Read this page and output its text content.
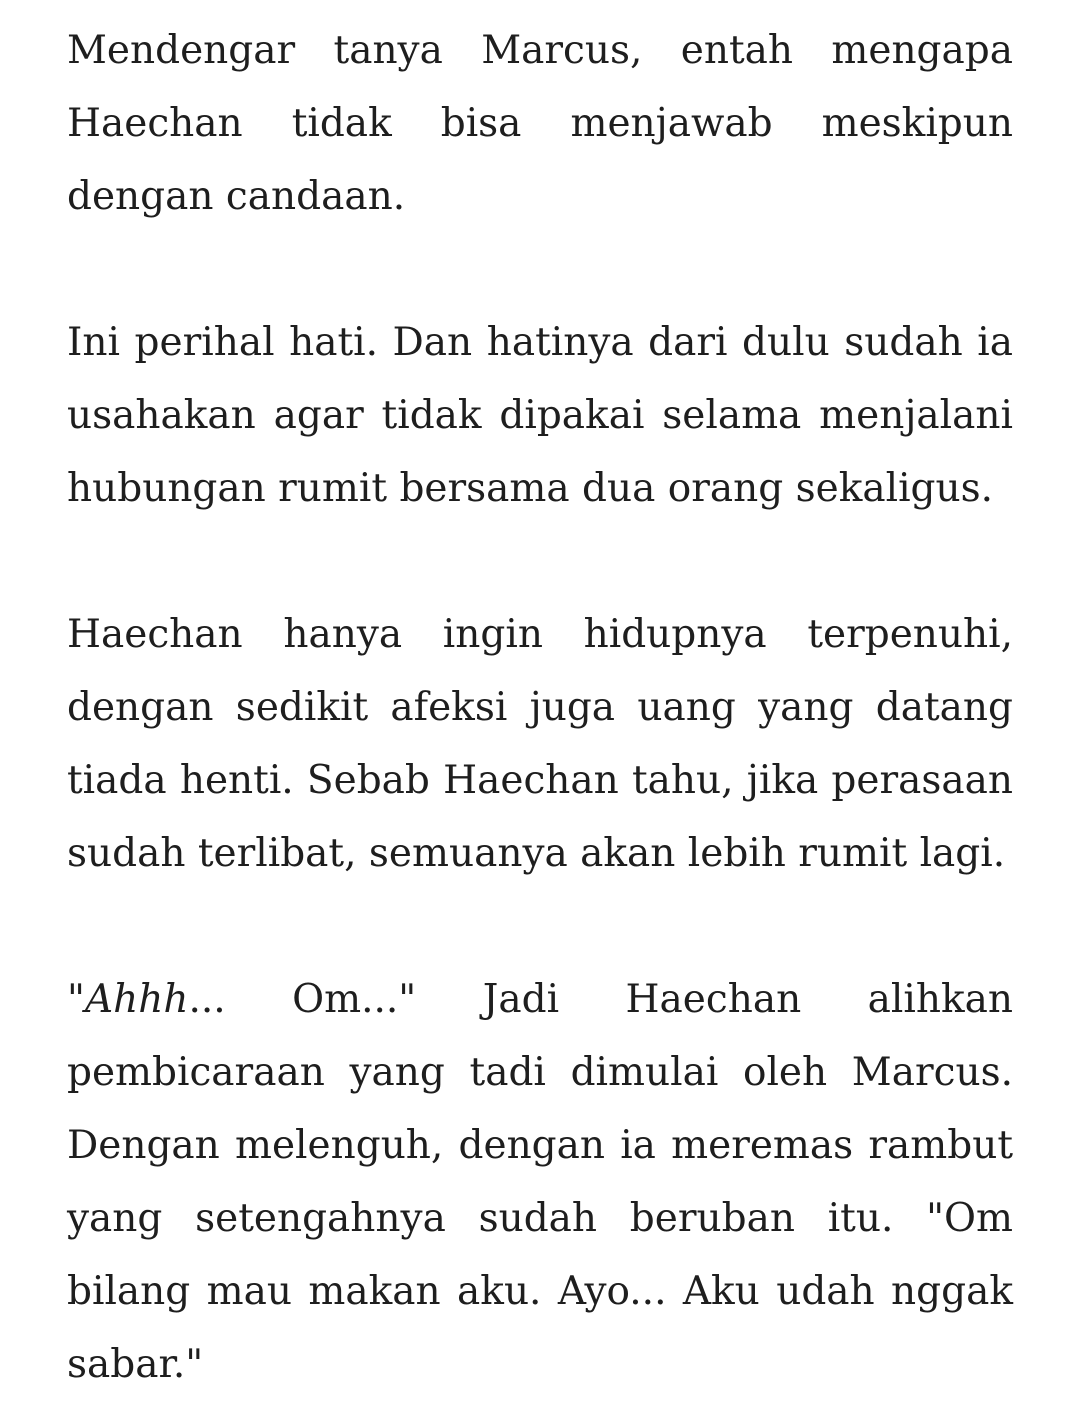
Mendengar tanya Marcus, entah mengapa Haechan tidak bisa menjawab meskipun dengan candaan.

Ini perihal hati. Dan hatinya dari dulu sudah ia usahakan agar tidak dipakai selama menjalani hubungan rumit bersama dua orang sekaligus.

Haechan hanya ingin hidupnya terpenuhi, dengan sedikit afeksi juga uang yang datang tiada henti. Sebab Haechan tahu, jika perasaan sudah terlibat, semuanya akan lebih rumit lagi.

"Ahhh... Om..." Jadi Haechan alihkan pembicaraan yang tadi dimulai oleh Marcus. Dengan melenguh, dengan ia meremas rambut yang setengahnya sudah beruban itu. "Om bilang mau makan aku. Ayo... Aku udah nggak sabar."
